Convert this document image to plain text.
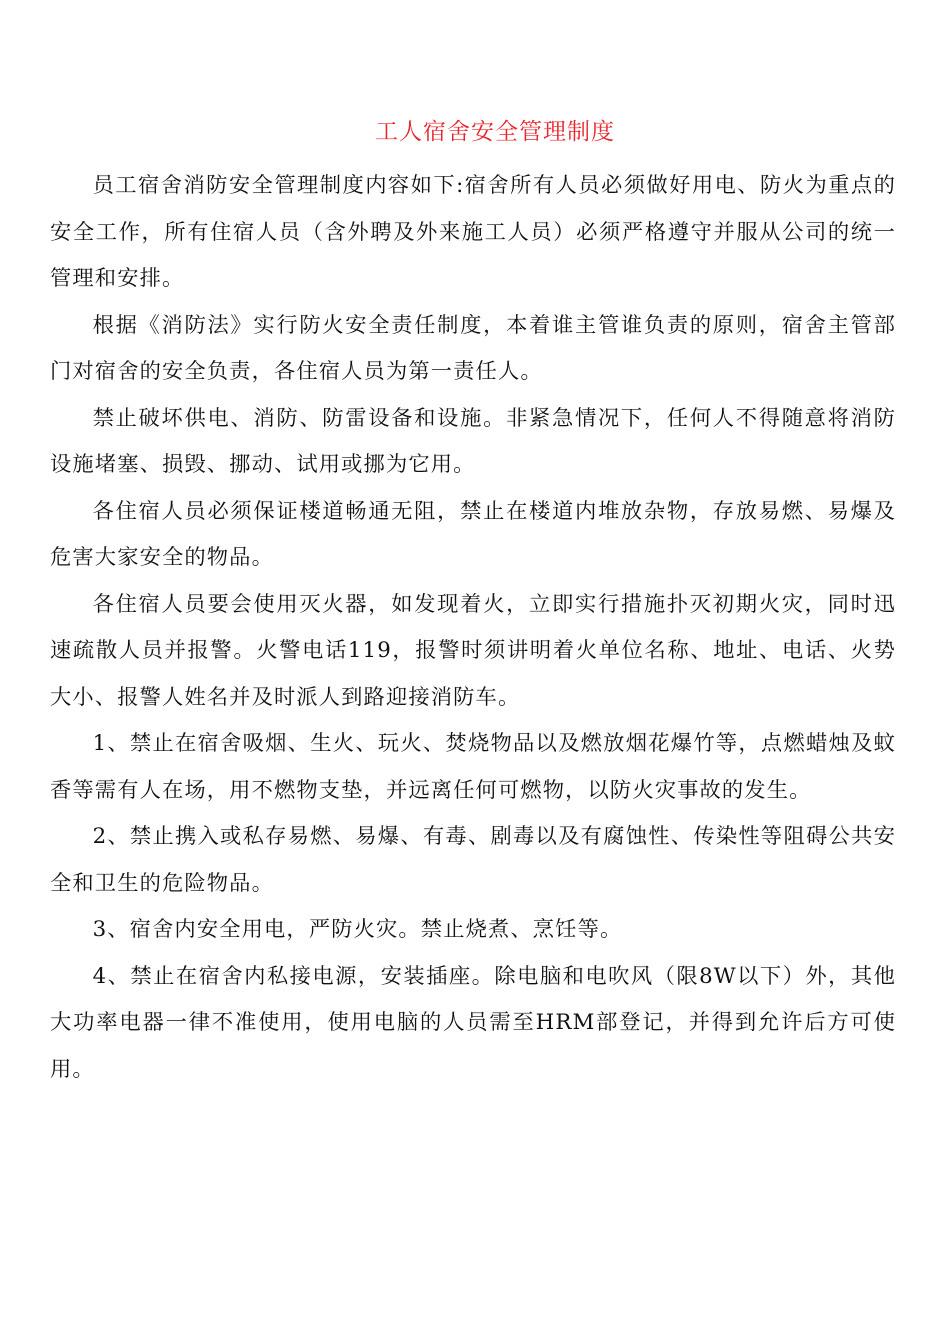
工人宿舍安全管理制度

员工宿舍消防安全管理制度内容如下:宿舍所有人员必须做好用电、防火为重点的安全工作，所有住宿人员（含外聘及外来施工人员）必须严格遵守并服从公司的统一管理和安排。

根据《消防法》实行防火安全责任制度，本着谁主管谁负责的原则，宿舍主管部门对宿舍的安全负责，各住宿人员为第一责任人。

禁止破坏供电、消防、防雷设备和设施。非紧急情况下，任何人不得随意将消防设施堵塞、损毁、挪动、试用或挪为它用。

各住宿人员必须保证楼道畅通无阻，禁止在楼道内堆放杂物，存放易燃、易爆及危害大家安全的物品。

各住宿人员要会使用灭火器，如发现着火，立即实行措施扑灭初期火灾，同时迅速疏散人员并报警。火警电话119，报警时须讲明着火单位名称、地址、电话、火势大小、报警人姓名并及时派人到路迎接消防车。

1、禁止在宿舍吸烟、生火、玩火、焚烧物品以及燃放烟花爆竹等，点燃蜡烛及蚊香等需有人在场，用不燃物支垫，并远离任何可燃物，以防火灾事故的发生。

2、禁止携入或私存易燃、易爆、有毒、剧毒以及有腐蚀性、传染性等阻碍公共安全和卫生的危险物品。

3、宿舍内安全用电，严防火灾。禁止烧煮、烹饪等。

4、禁止在宿舍内私接电源，安装插座。除电脑和电吹风（限8W以下）外，其他大功率电器一律不准使用，使用电脑的人员需至HRM部登记，并得到允许后方可使用。
